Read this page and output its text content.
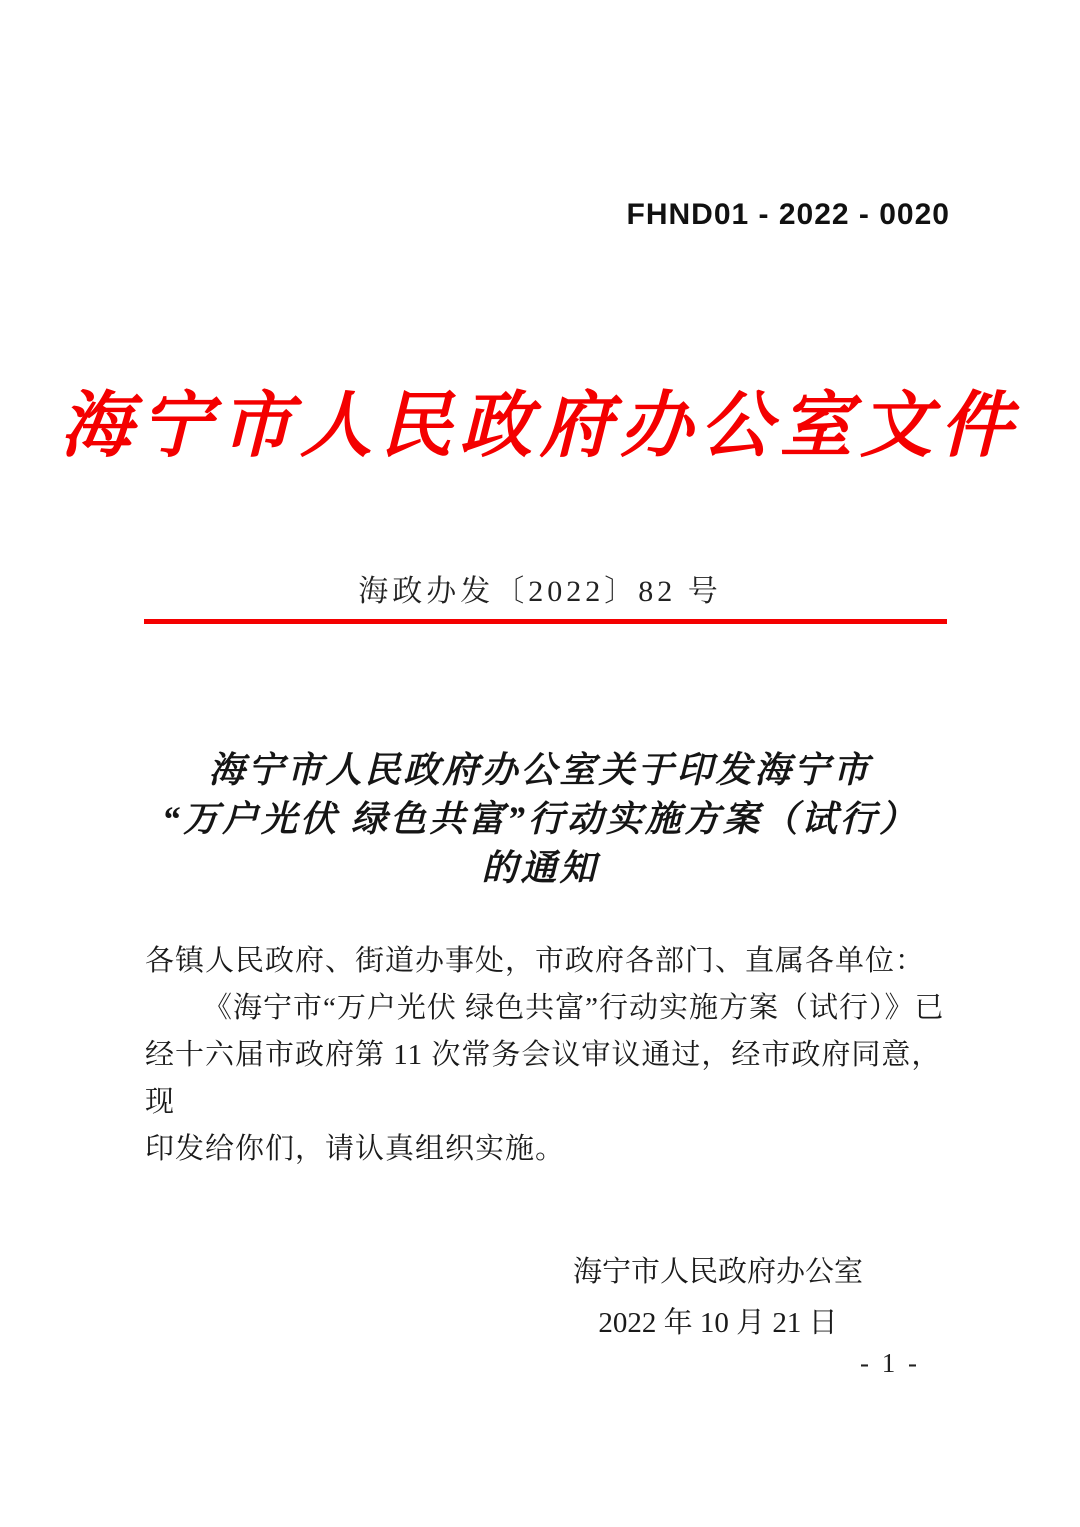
FHND01 - 2022 - 0020
海宁市人民政府办公室文件
海政办发〔2022〕82 号
海宁市人民政府办公室关于印发海宁市
“万户光伏 绿色共富”行动实施方案（试行）
的通知
各镇人民政府、街道办事处，市政府各部门、直属各单位：
《海宁市“万户光伏 绿色共富”行动实施方案（试行）》已
经十六届市政府第 11 次常务会议审议通过，经市政府同意，现
印发给你们，请认真组织实施。
海宁市人民政府办公室
2022 年 10 月 21 日
- 1 -
